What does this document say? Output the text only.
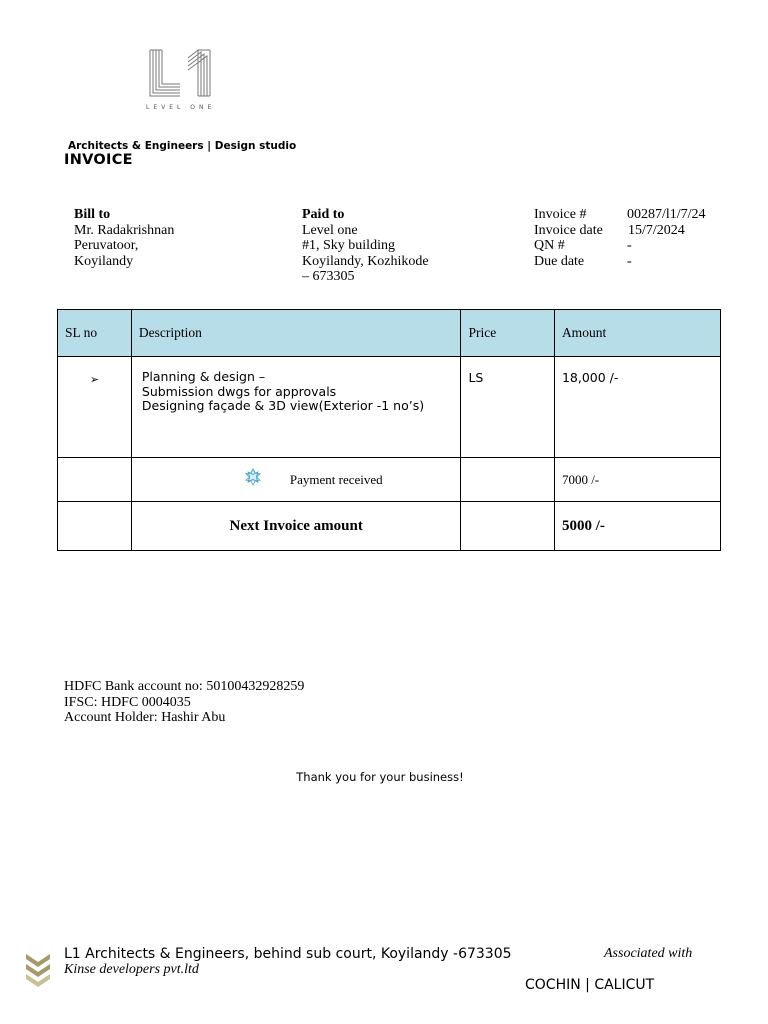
LEVEL ONE
Architects & Engineers | Design studio
INVOICE
Bill to
Mr. Radakrishnan
Peruvatoor,
Koyilandy
Paid to
Level one
#1, Sky building
Koyilandy, Kozhikode
– 673305
Invoice #	00287/l1/7/24
Invoice date	15/7/2024
QN #	-
Due date	-
SL no	Description	Price	Amount

➢	Planning & design –
Submission dwgs for approvals
Designing façade & 3D view(Exterior -1 no’s)	LS	18,000 /-

	Payment received		7000 /-

	Next Invoice amount		5000 /-
HDFC Bank account no: 50100432928259
IFSC: HDFC 0004035
Account Holder: Hashir Abu
Thank you for your business!
L1 Architects & Engineers, behind sub court, Koyilandy -673305	Associated with
Kinse developers pvt.ltd
COCHIN | CALICUT
